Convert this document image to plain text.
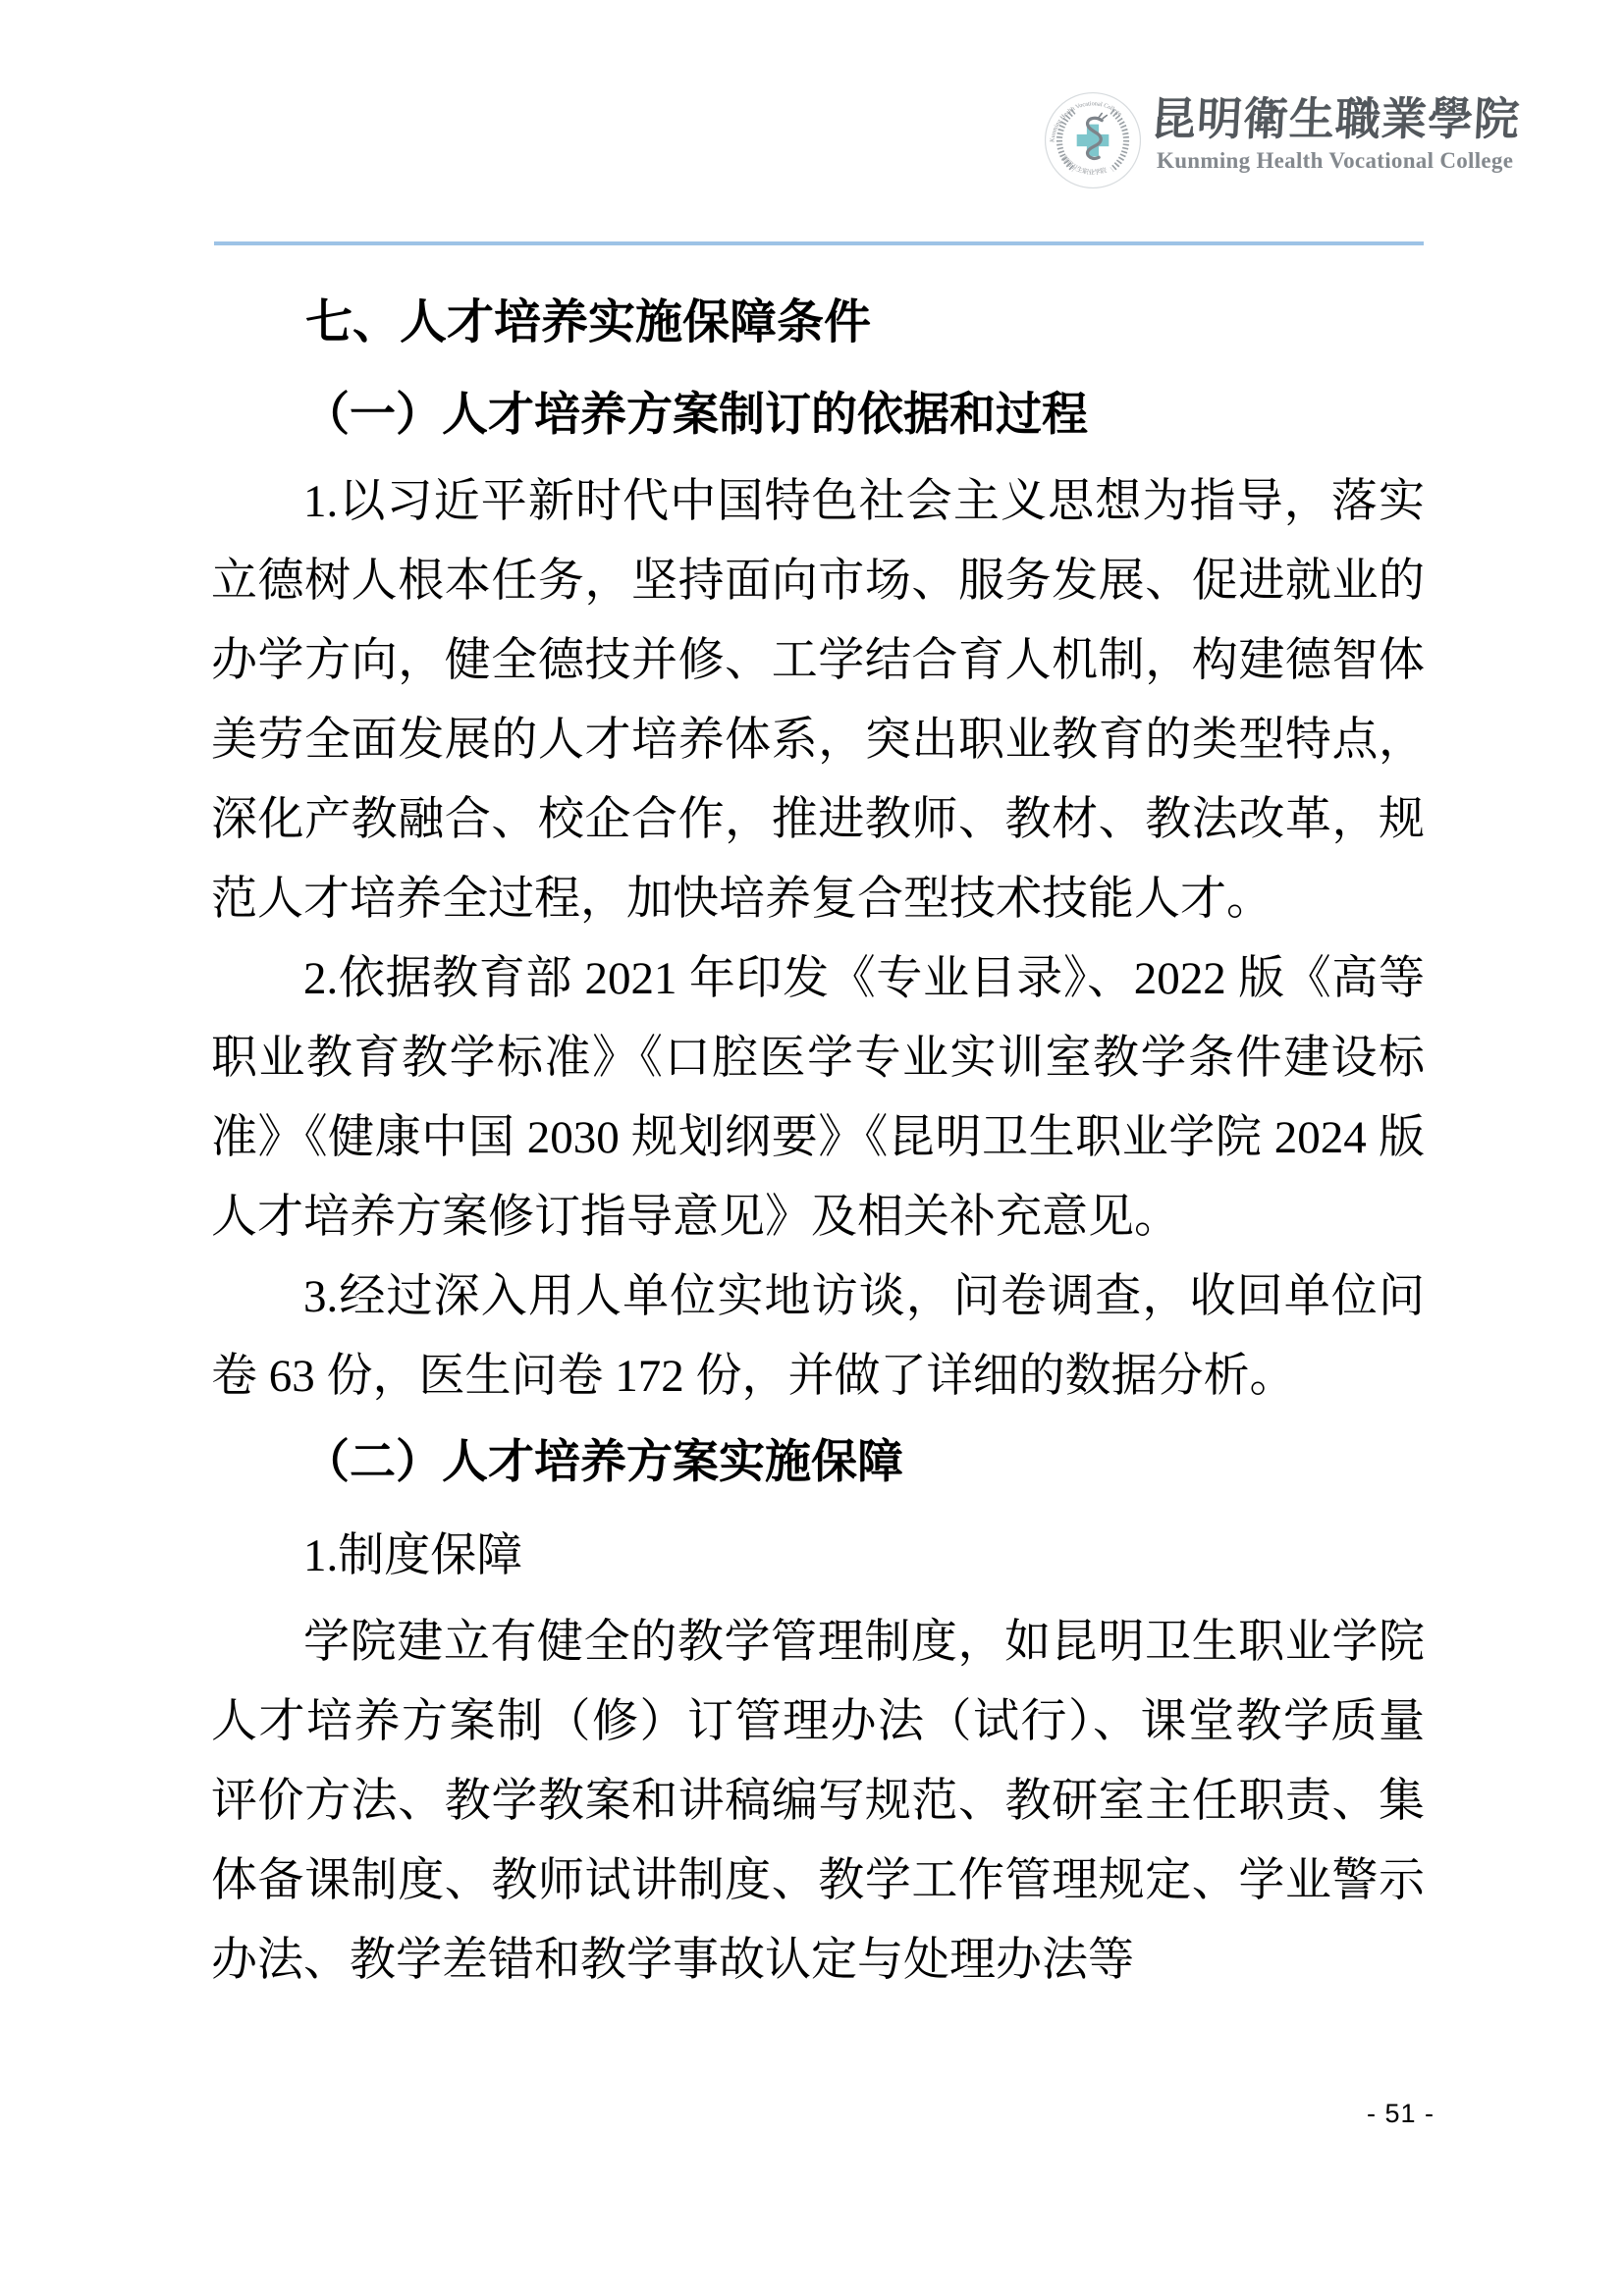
Kunming Health Vocational College
昆明卫生职业学院
昆明衛生職業學院
Kunming Health Vocational College
七、人才培养实施保障条件
（一）人才培养方案制订的依据和过程

1.以习近平新时代中国特色社会主义思想为指导，落实立德树人根本任务，坚持面向市场、服务发展、促进就业的办学方向，健全德技并修、工学结合育人机制，构建德智体美劳全面发展的人才培养体系，突出职业教育的类型特点，深化产教融合、校企合作，推进教师、教材、教法改革，规范人才培养全过程，加快培养复合型技术技能人才。

2.依据教育部 2021 年印发《专业目录》、2022 版《高等职业教育教学标准》《口腔医学专业实训室教学条件建设标准》《健康中国 2030 规划纲要》《昆明卫生职业学院 2024 版人才培养方案修订指导意见》及相关补充意见。

3.经过深入用人单位实地访谈，问卷调查，收回单位问卷 63 份，医生问卷 172 份，并做了详细的数据分析。

（二）人才培养方案实施保障

1.制度保障

学院建立有健全的教学管理制度，如昆明卫生职业学院人才培养方案制（修）订管理办法（试行）、课堂教学质量评价方法、教学教案和讲稿编写规范、教研室主任职责、集体备课制度、教师试讲制度、教学工作管理规定、学业警示办法、教学差错和教学事故认定与处理办法等

- 51 -
